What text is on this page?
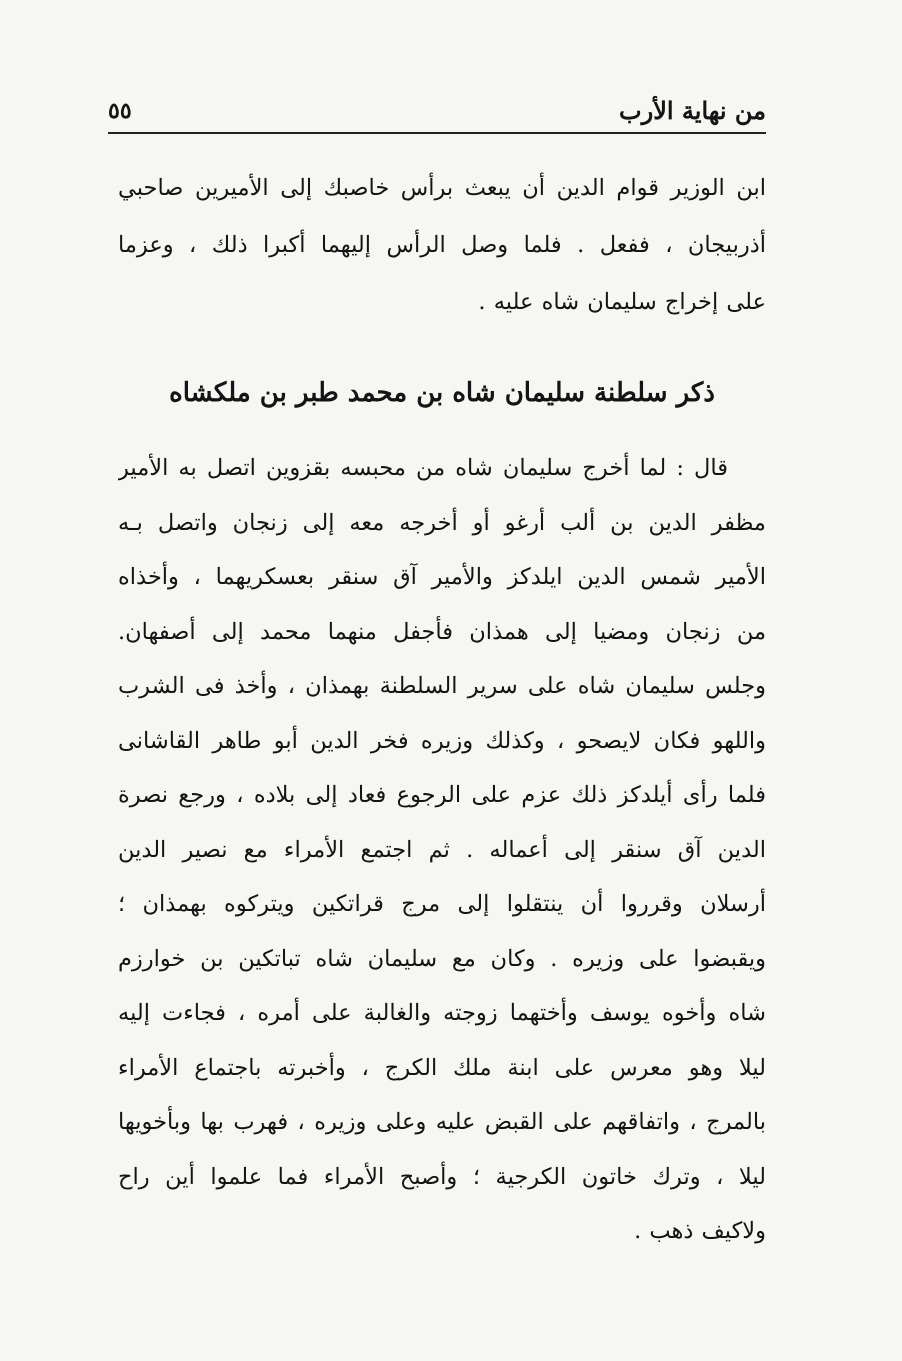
٥٥	من نهاية الأرب
ابن الوزير قوام الدين أن يبعث برأس خاصبك إلى الأميرين صاحبي
أذربيجان ، ففعل . فلما وصل الرأس إليهما أكبرا ذلك ، وعزما
على إخراج سليمان شاه عليه .
ذكر سلطنة سليمان شاه بن محمد طبر بن ملكشاه
قال : لما أخرج سليمان شاه من محبسه بقزوين اتصل به الأمير
مظفر الدين بن ألب أرغو أو أخرجه معه إلى زنجان واتصل بـه
الأمير شمس الدين ايلدكز والأمير آق سنقر بعسكريهما ، وأخذاه
من زنجان ومضيا إلى همذان فأجفل منهما محمد إلى أصفهان.
وجلس سليمان شاه على سرير السلطنة بهمذان ، وأخذ فى الشرب
واللهو فكان لايصحو ، وكذلك وزيره فخر الدين أبو طاهر القاشانى
فلما رأى أيلدكز ذلك عزم على الرجوع فعاد إلى بلاده ، ورجع نصرة
الدين آق سنقر إلى أعماله . ثم اجتمع الأمراء مع نصير الدين
أرسلان وقرروا أن ينتقلوا إلى مرج قراتكين ويتركوه بهمذان ؛
ويقبضوا على وزيره . وكان مع سليمان شاه تباتكين بن خوارزم
شاه وأخوه يوسف وأختهما زوجته والغالبة على أمره ، فجاءت إليه
ليلا وهو معرس على ابنة ملك الكرج ، وأخبرته باجتماع الأمراء
بالمرج ، واتفاقهم على القبض عليه وعلى وزيره ، فهرب بها وبأخويها
ليلا ، وترك خاتون الكرجية ؛ وأصبح الأمراء فما علموا أين راح
ولاكيف ذهب .
